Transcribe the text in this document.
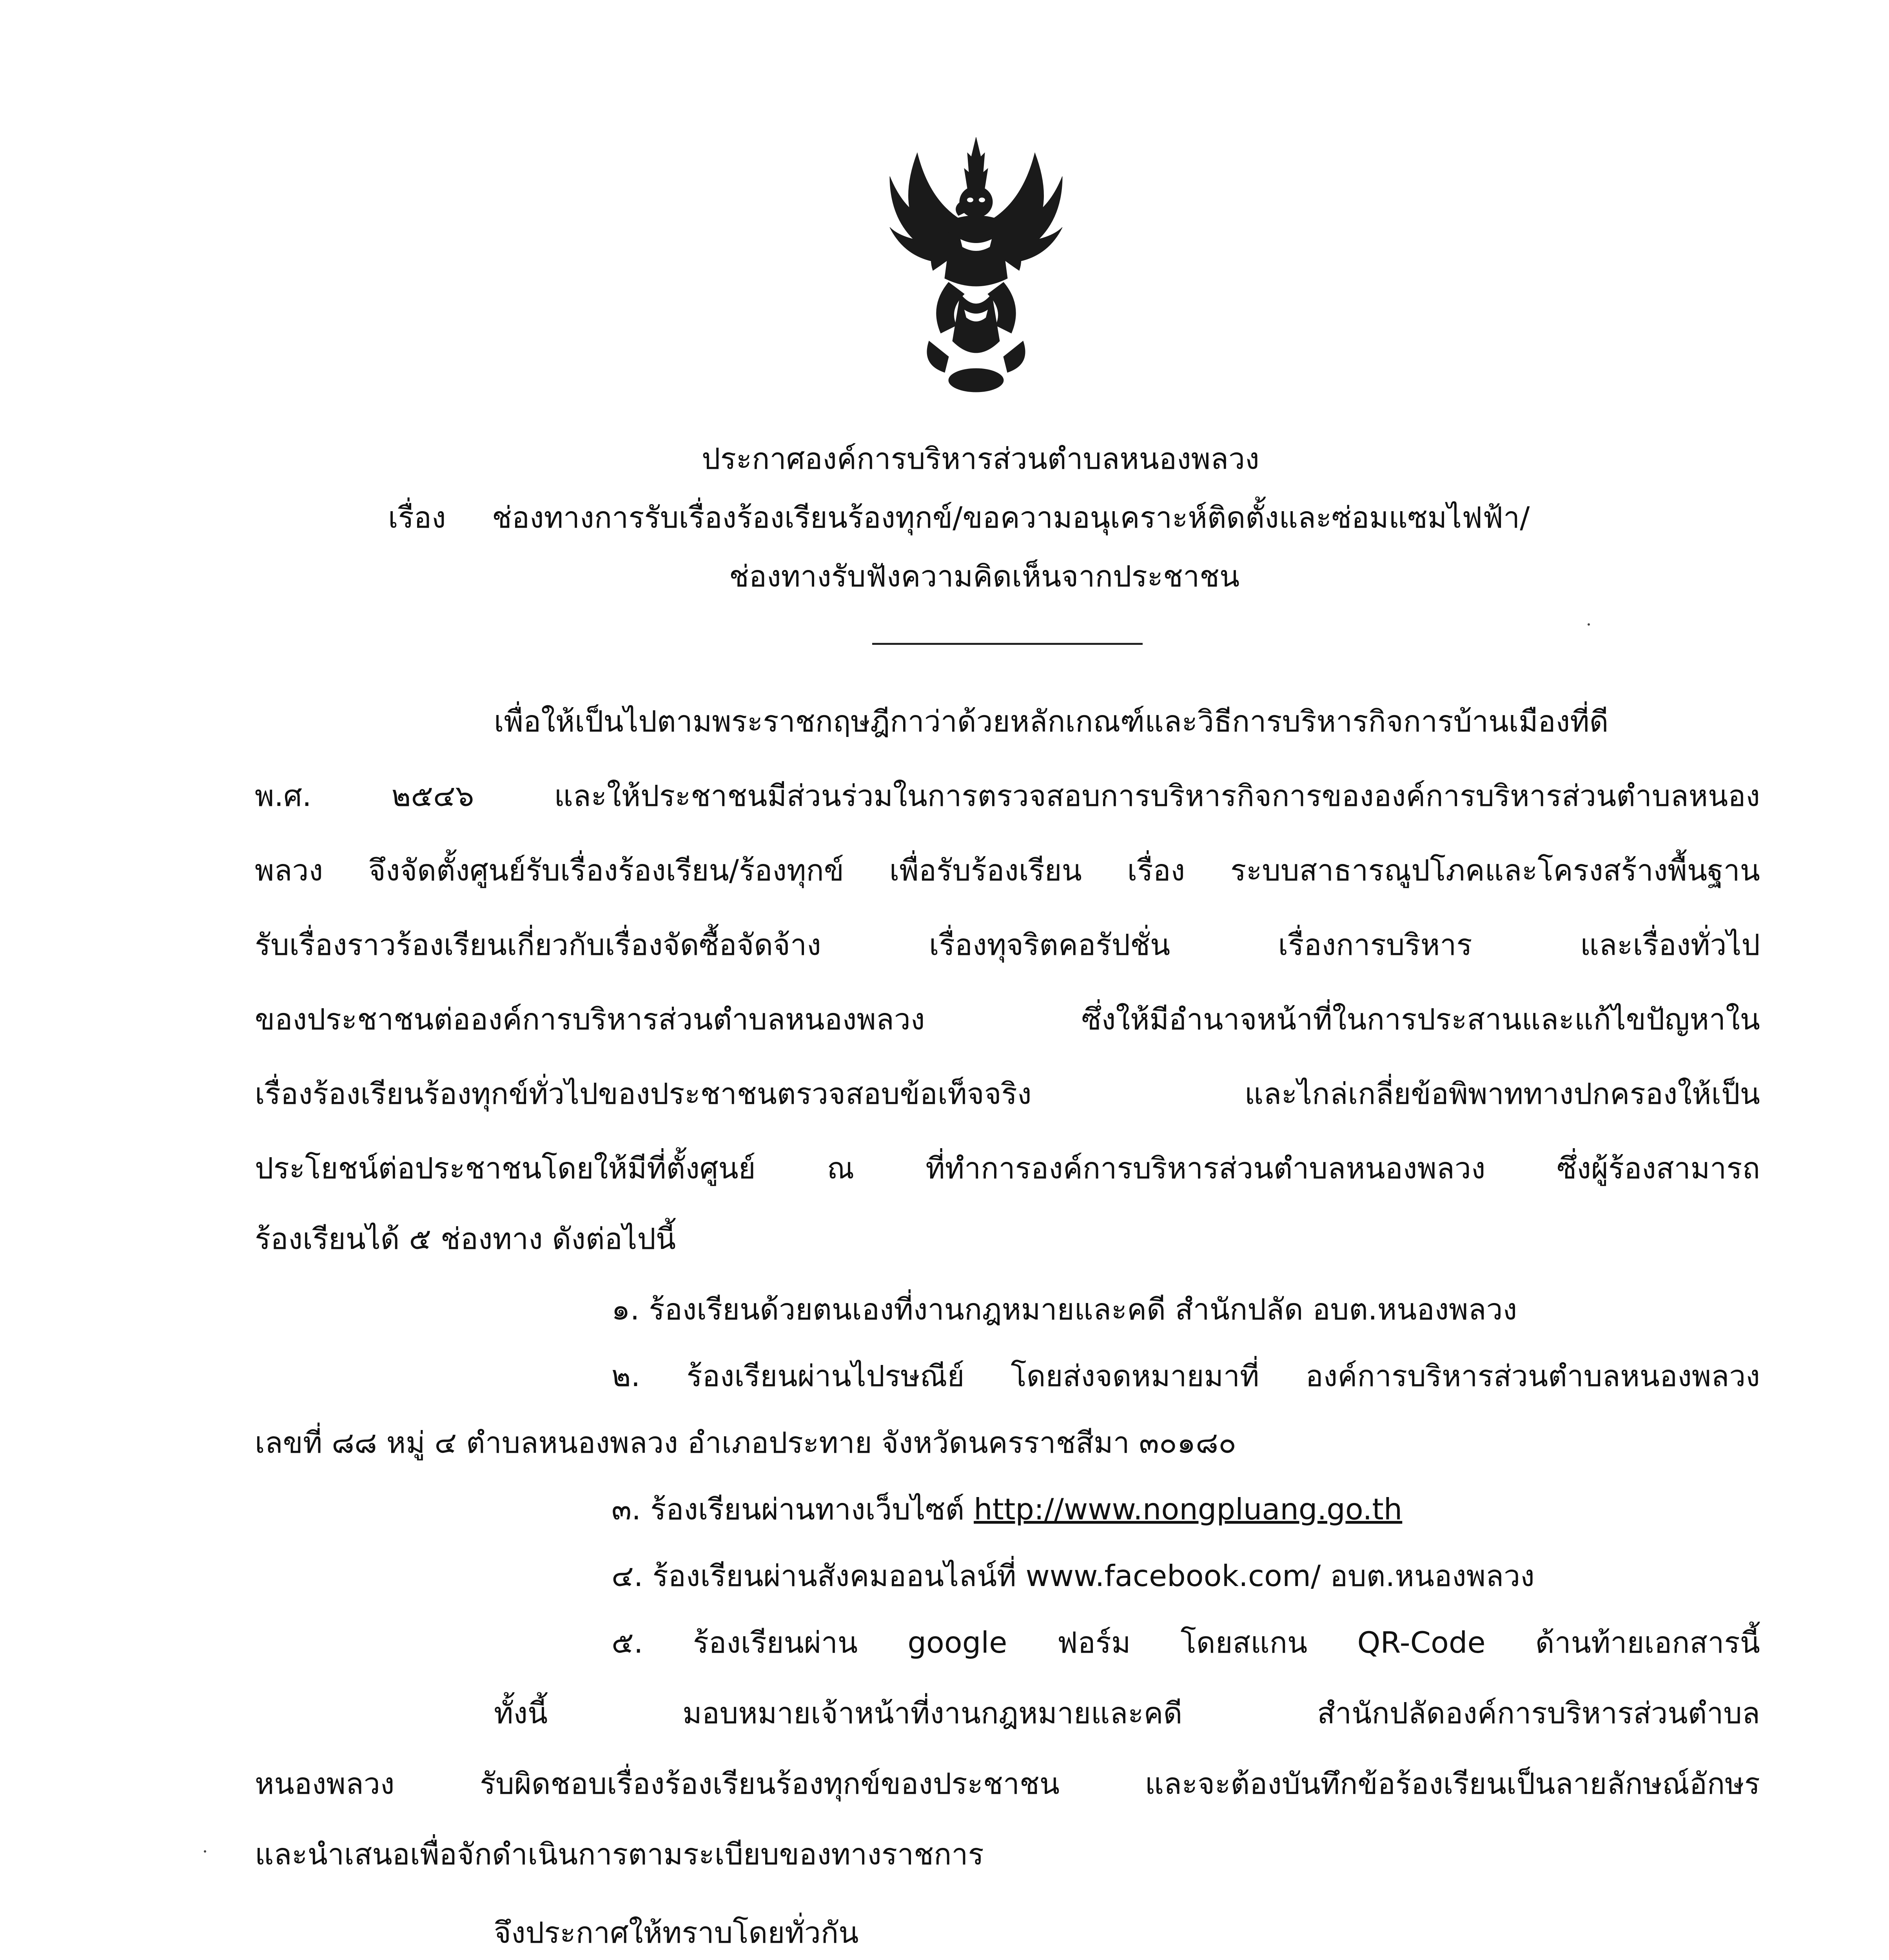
ประกาศองค์การบริหารส่วนตำบลหนองพลวง
เรื่อง ช่องทางการรับเรื่องร้องเรียนร้องทุกข์/ขอความอนุเคราะห์ติดตั้งและซ่อมแซมไฟฟ้า/
ช่องทางรับฟังความคิดเห็นจากประชาชน
เพื่อให้เป็นไปตามพระราชกฤษฎีกาว่าด้วยหลักเกณฑ์และวิธีการบริหารกิจการบ้านเมืองที่ดี
พ.ศ. ๒๕๔๖ และให้ประชาชนมีส่วนร่วมในการตรวจสอบการบริหารกิจการขององค์การบริหารส่วนตำบลหนอง
พลวง จึงจัดตั้งศูนย์รับเรื่องร้องเรียน/ร้องทุกข์ เพื่อรับร้องเรียน เรื่อง ระบบสาธารณูปโภคและโครงสร้างพื้นฐาน
รับเรื่องราวร้องเรียนเกี่ยวกับเรื่องจัดซื้อจัดจ้าง เรื่องทุจริตคอรัปชั่น เรื่องการบริหาร และเรื่องทั่วไป
ของประชาชนต่อองค์การบริหารส่วนตำบลหนองพลวง ซึ่งให้มีอำนาจหน้าที่ในการประสานและแก้ไขปัญหาใน
เรื่องร้องเรียนร้องทุกข์ทั่วไปของประชาชนตรวจสอบข้อเท็จจริง และไกล่เกลี่ยข้อพิพาททางปกครองให้เป็น
ประโยชน์ต่อประชาชนโดยให้มีที่ตั้งศูนย์ ณ ที่ทำการองค์การบริหารส่วนตำบลหนองพลวง ซึ่งผู้ร้องสามารถ
ร้องเรียนได้ ๕ ช่องทาง ดังต่อไปนี้
๑. ร้องเรียนด้วยตนเองที่งานกฎหมายและคดี สำนักปลัด อบต.หนองพลวง
๒. ร้องเรียนผ่านไปรษณีย์ โดยส่งจดหมายมาที่ องค์การบริหารส่วนตำบลหนองพลวง
เลขที่ ๘๘ หมู่ ๔ ตำบลหนองพลวง อำเภอประทาย จังหวัดนครราชสีมา ๓๐๑๘๐
๓. ร้องเรียนผ่านทางเว็บไซต์ http://www.nongpluang.go.th
๔. ร้องเรียนผ่านสังคมออนไลน์ที่ www.facebook.com/ อบต.หนองพลวง
๕. ร้องเรียนผ่าน google ฟอร์ม โดยสแกน QR-Code ด้านท้ายเอกสารนี้
ทั้งนี้ มอบหมายเจ้าหน้าที่งานกฎหมายและคดี สำนักปลัดองค์การบริหารส่วนตำบล
หนองพลวง รับผิดชอบเรื่องร้องเรียนร้องทุกข์ของประชาชน และจะต้องบันทึกข้อร้องเรียนเป็นลายลักษณ์อักษร
และนำเสนอเพื่อจักดำเนินการตามระเบียบของทางราชการ
จึงประกาศให้ทราบโดยทั่วกัน
